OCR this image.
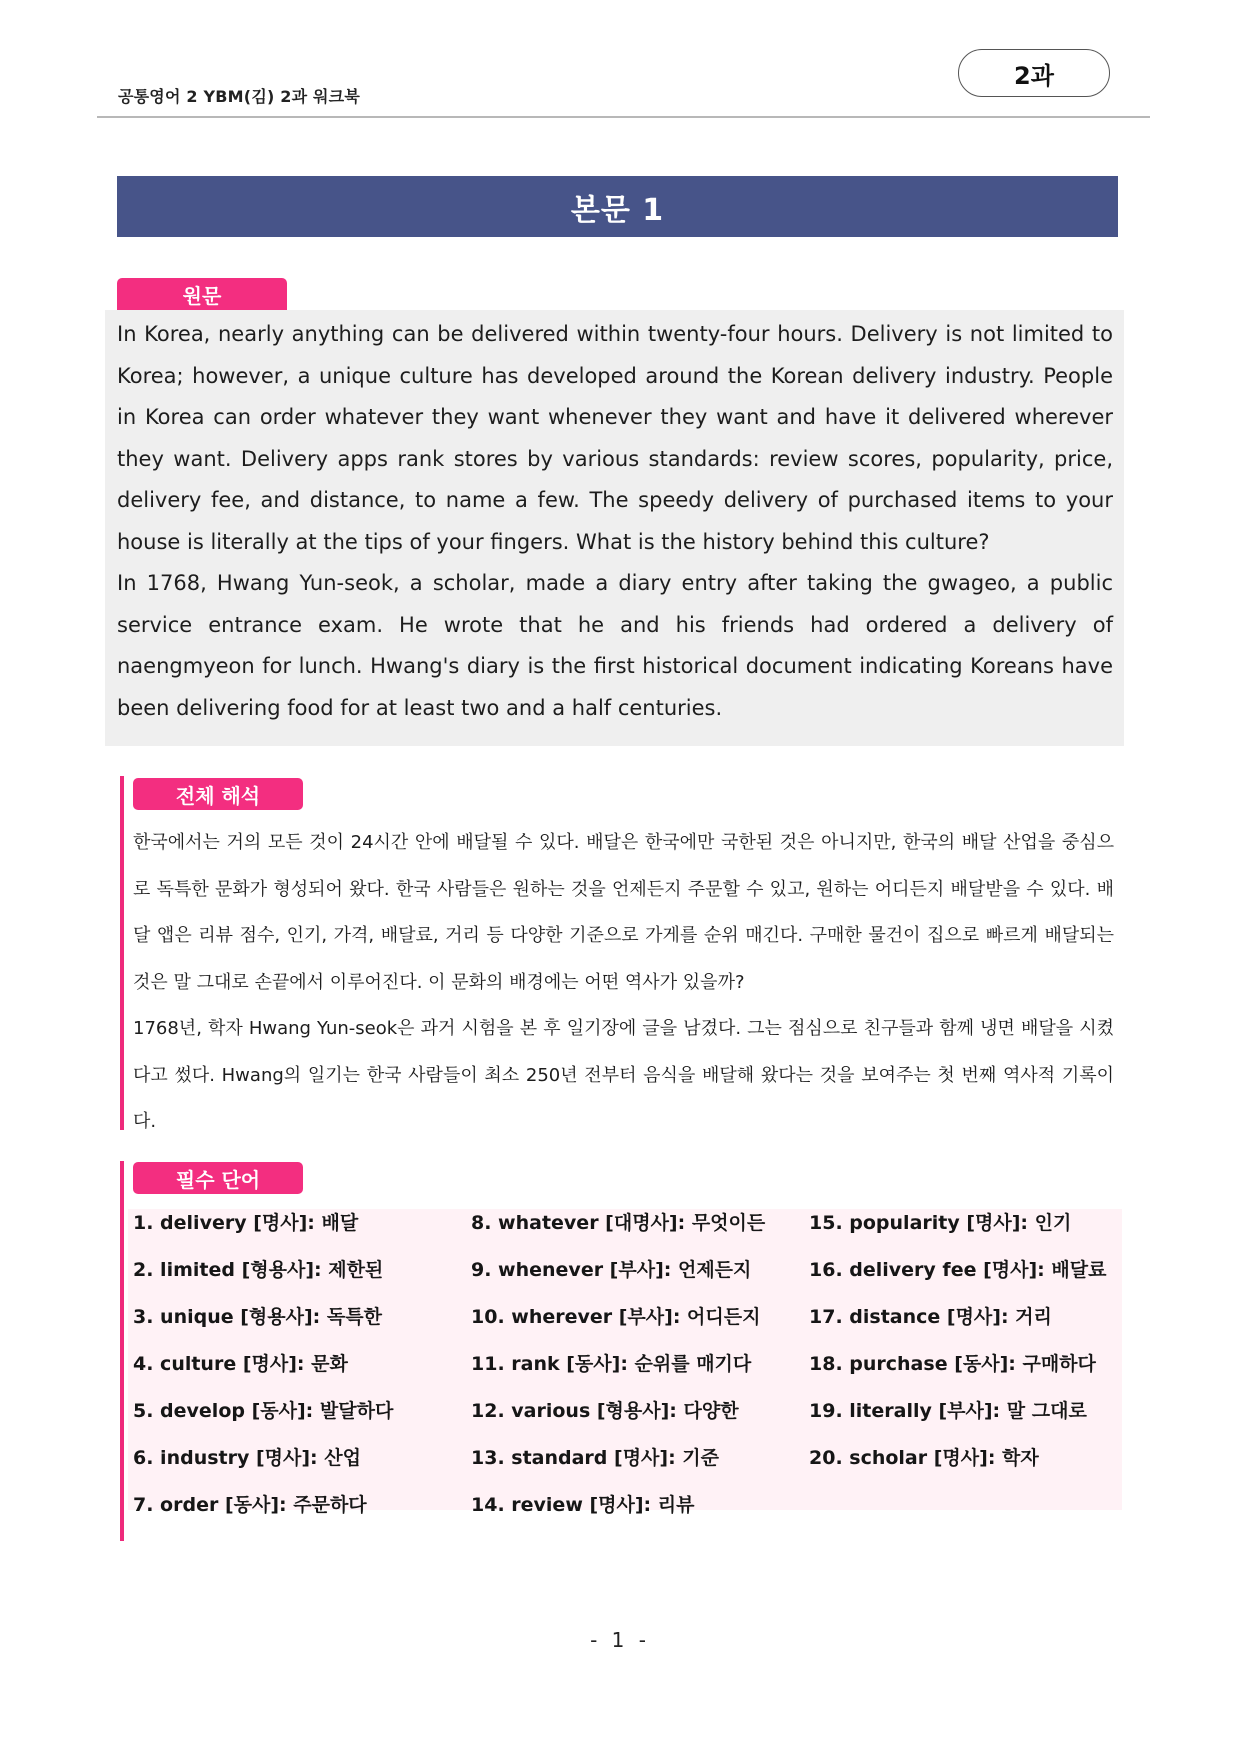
공통영어 2 YBM(김) 2과 워크북
2과
본문 1
원문

In Korea, nearly anything can be delivered within twenty-four hours. Delivery is not limited to Korea; however, a unique culture has developed around the Korean delivery industry. People in Korea can order whatever they want whenever they want and have it delivered wherever they want. Delivery apps rank stores by various standards: review scores, popularity, price, delivery fee, and distance, to name a few. The speedy delivery of purchased items to your house is literally at the tips of your fingers. What is the history behind this culture?

In 1768, Hwang Yun-seok, a scholar, made a diary entry after taking the gwageo, a public service entrance exam. He wrote that he and his friends had ordered a delivery of naengmyeon for lunch. Hwang's diary is the first historical document indicating Koreans have been delivering food for at least two and a half centuries.

전체 해석

한국에서는 거의 모든 것이 24시간 안에 배달될 수 있다. 배달은 한국에만 국한된 것은 아니지만, 한국의 배달 산업을 중심으로 독특한 문화가 형성되어 왔다. 한국 사람들은 원하는 것을 언제든지 주문할 수 있고, 원하는 어디든지 배달받을 수 있다. 배달 앱은 리뷰 점수, 인기, 가격, 배달료, 거리 등 다양한 기준으로 가게를 순위 매긴다. 구매한 물건이 집으로 빠르게 배달되는 것은 말 그대로 손끝에서 이루어진다. 이 문화의 배경에는 어떤 역사가 있을까?

1768년, 학자 Hwang Yun-seok은 과거 시험을 본 후 일기장에 글을 남겼다. 그는 점심으로 친구들과 함께 냉면 배달을 시켰다고 썼다. Hwang의 일기는 한국 사람들이 최소 250년 전부터 음식을 배달해 왔다는 것을 보여주는 첫 번째 역사적 기록이다.

필수 단어
1. delivery [명사]: 배달
2. limited [형용사]: 제한된
3. unique [형용사]: 독특한
4. culture [명사]: 문화
5. develop [동사]: 발달하다
6. industry [명사]: 산업
7. order [동사]: 주문하다
8. whatever [대명사]: 무엇이든
9. whenever [부사]: 언제든지
10. wherever [부사]: 어디든지
11. rank [동사]: 순위를 매기다
12. various [형용사]: 다양한
13. standard [명사]: 기준
14. review [명사]: 리뷰
15. popularity [명사]: 인기
16. delivery fee [명사]: 배달료
17. distance [명사]: 거리
18. purchase [동사]: 구매하다
19. literally [부사]: 말 그대로
20. scholar [명사]: 학자
- 1 -
